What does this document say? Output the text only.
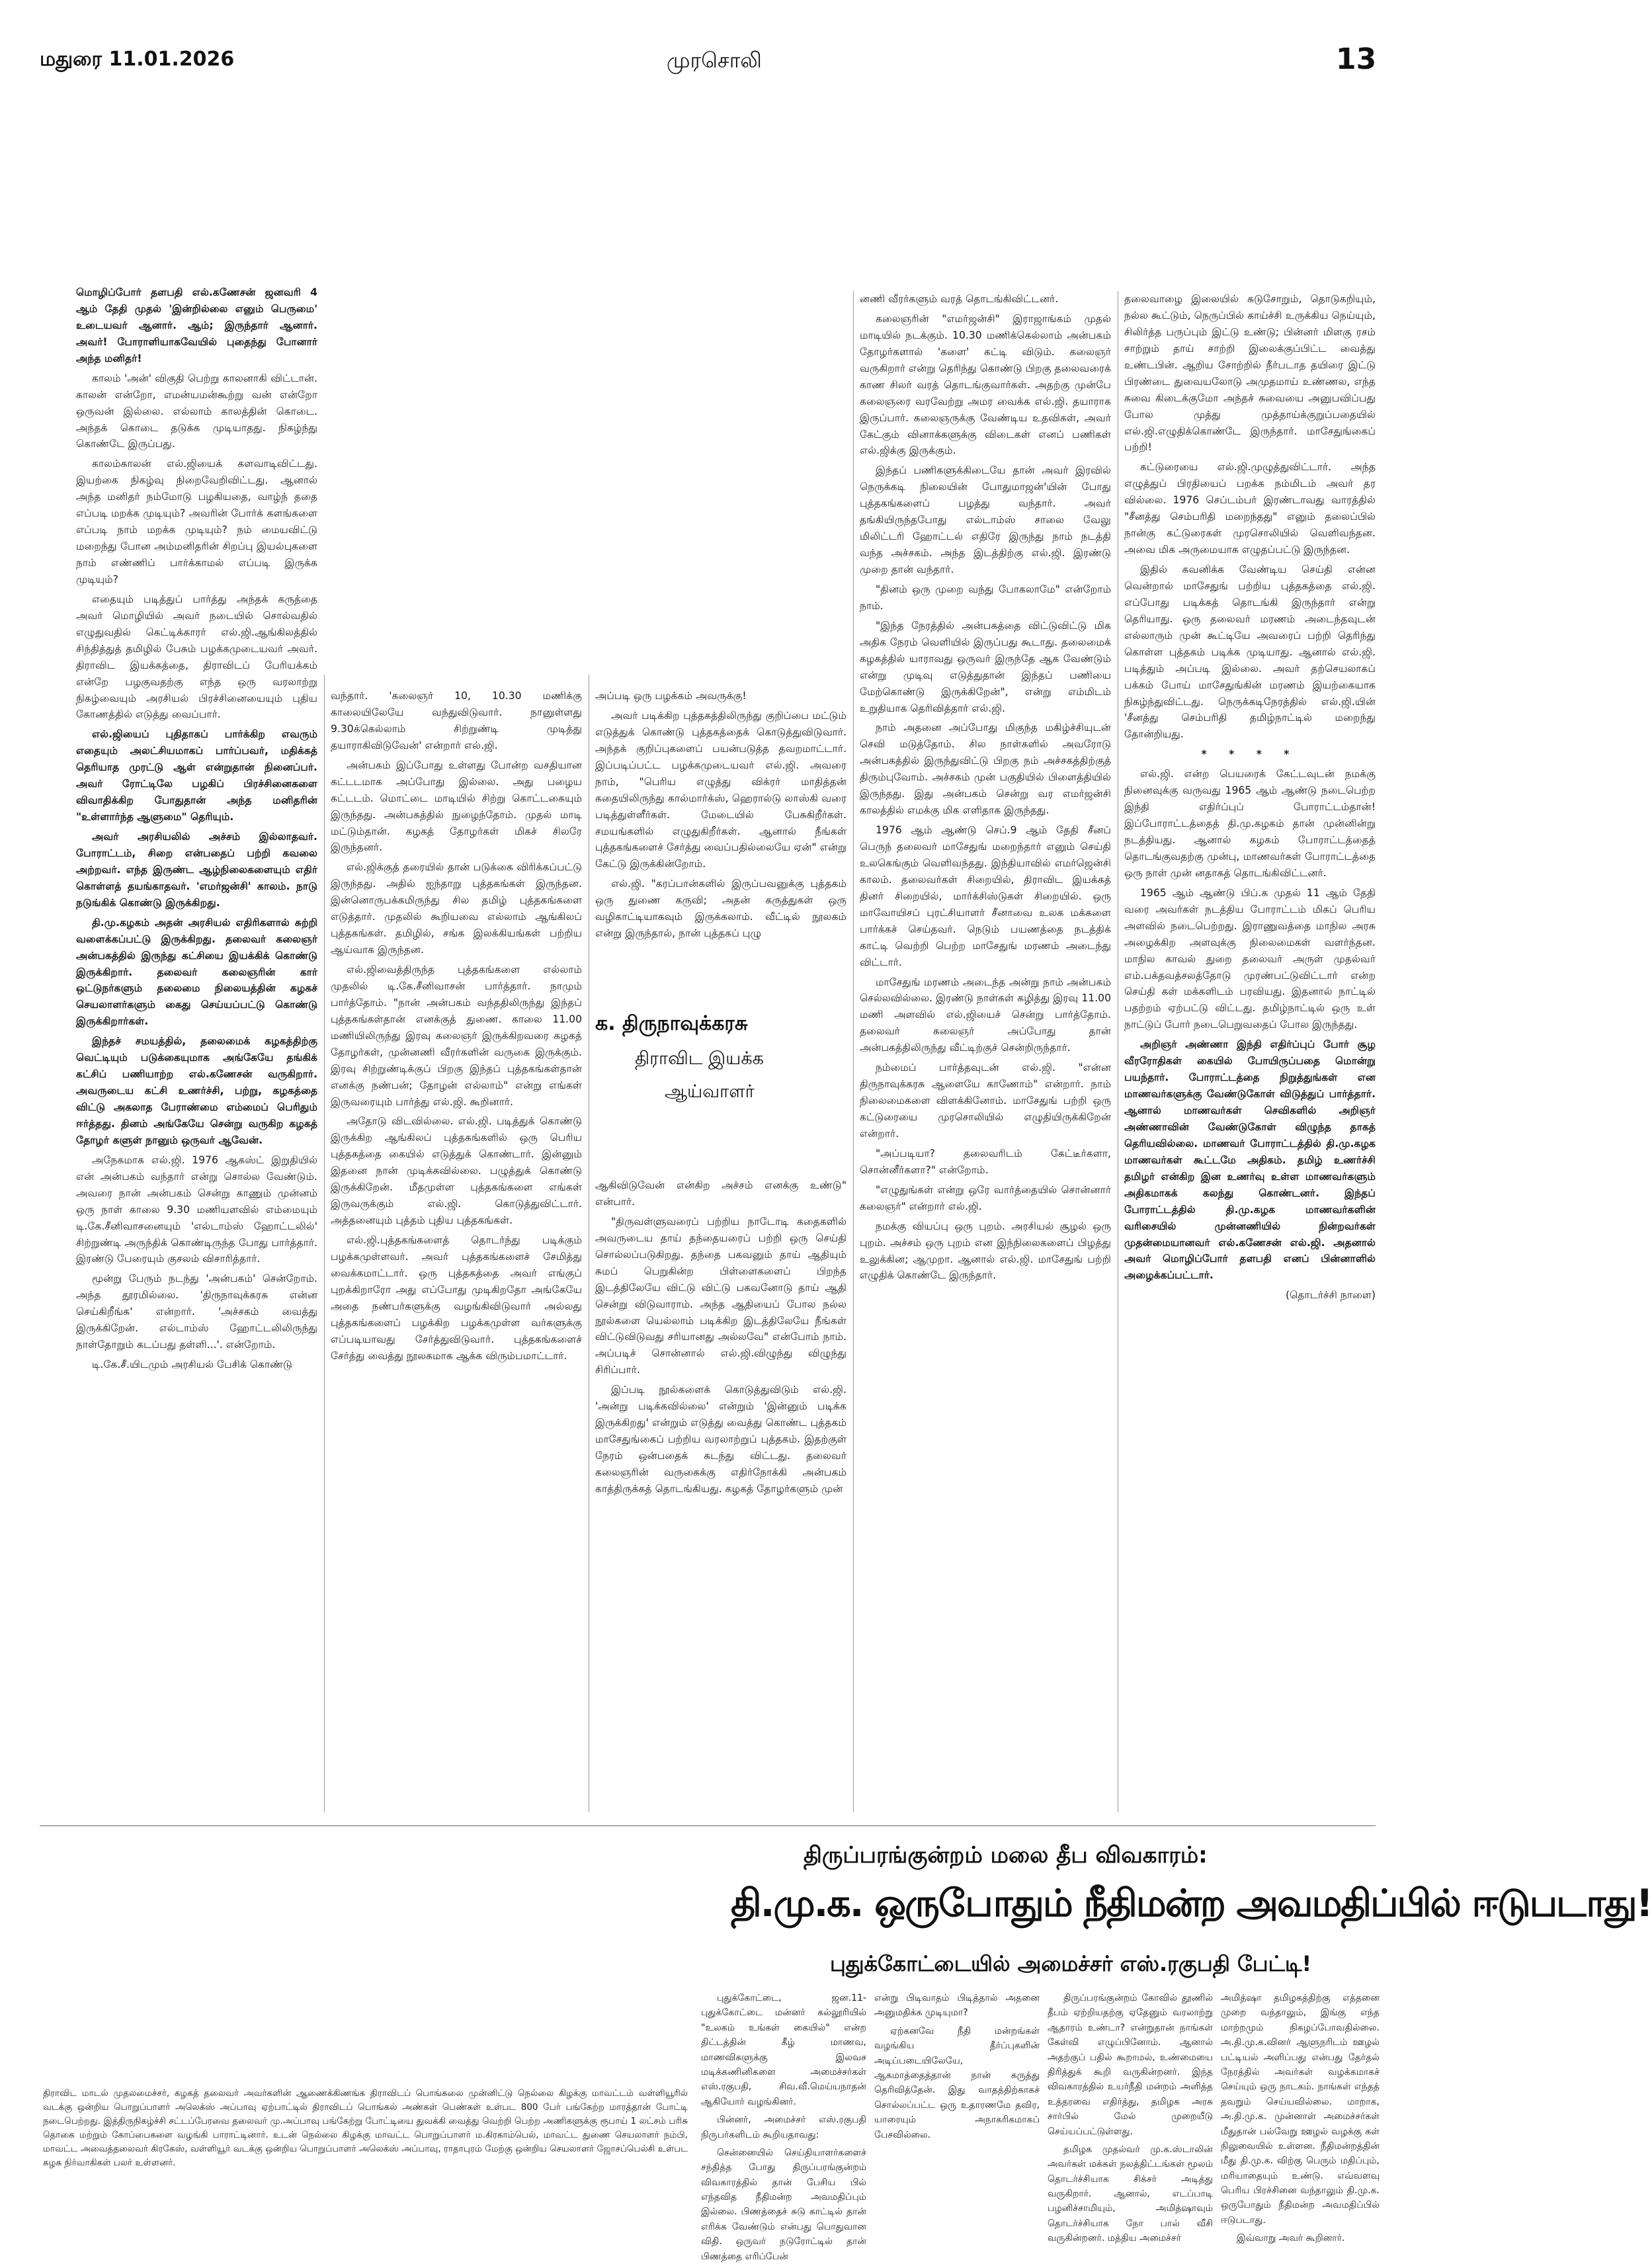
மதுரை 11.01.2026	முரசொலி	13

மொழிப்போர் தளபதி எல்.கணேசன் ஜனவரி 4 ஆம் தேதி முதல் 'இன்றில்லை எனும் பெருமை' உடையவர் ஆனார். ஆம்; இருந்தார் ஆனார். அவர்! போராளியாகவேயில் புதைந்து போனார் அந்த மனிதர்!

காலம் 'அன்' விகுதி பெற்று காலனாகி விட்டான். காலன் என்றோ, எமன்யமன்கூற்று வன் என்றோ ஒருவன் இல்லை. எல்லாம் காலத்தின் கொடை. அந்தக் கொடை தடுக்க முடியாதது. நிகழ்ந்து கொண்டே இருப்பது.

காலம்காலன் எல்.ஜியைக் களவாடிவிட்டது. இயற்கை நிகழ்வு நிறைவேறிவிட்டது. ஆனால் அந்த மனிதர் நம்மோடு பழகியதை, வாழ்ந் ததை எப்படி மறக்க முடியும்? அவரின் போர்க் களங்களை எப்படி நாம் மறக்க முடியும்? நம் மையவிட்டு மறைந்து போன அம்மனிதரின் சிறப்பு இயல்புகளை நாம் எண்ணிப் பார்க்காமல் எப்படி இருக்க முடியும்?

எதையும் படித்துப் பார்த்து அந்தக் கருத்தை அவர் மொழியில் அவர் நடையில் சொல்வதில் எழுதுவதில் கெட்டிக்காரர் எல்.ஜி.ஆங்கிலத்தில் சிந்தித்துத் தமிழில் பேசும் பழக்கமுடையவர் அவர். திராவிட இயக்கத்தை, திராவிடப் பேரியக்கம் என்றே பழகுவதற்கு எந்த ஒரு வரலாற்று நிகழ்வையும் அரசியல் பிரச்சினையையும் புதிய கோணத்தில் எடுத்து வைப்பார்.

எல்.ஜியைப் புதிதாகப் பார்க்கிற எவரும் எதையும் அலட்சியமாகப் பார்ப்பவர், மதிக்கத் தெரியாத முரட்டு ஆள் என்றுதான் நினைப்பர். அவர் ரோட்டிலே பழகிப் பிரச்சினைகளை விவாதிக்கிற போதுதான் அந்த மனிதரின் "உள்ளார்ந்த ஆளுமை" தெரியும்.

அவர் அரசியலில் அச்சம் இல்லாதவர். போராட்டம், சிறை என்பதைப் பற்றி கவலை அற்றவர். எந்த இருண்ட ஆழ்நிலைகளையும் எதிர் கொள்ளத் தயங்காதவர். 'எமர்ஜன்சி' காலம். நாடு நடுங்கிக் கொண்டு இருக்கிறது.

தி.மு.கழகம் அதன் அரசியல் எதிரிகளால் சுற்றி வளைக்கப்பட்டு இருக்கிறது. தலைவர் கலைஞர் அன்பகத்தில் இருந்து கட்சியை இயக்கிக் கொண்டு இருக்கிறார். தலைவர் கலைஞரின் கார் ஒட்டுநர்களும் தலைமை நிலையத்தின் கழகச் செயலாளர்களும் கைது செய்யப்பட்டு கொண்டு இருக்கிறார்கள்.

இந்தச் சமயத்தில், தலைமைக் கழகத்திற்கு வெட்டியும் படுக்கையுமாக அங்கேயே தங்கிக் கட்சிப் பணியாற்ற எல்.கணேசன் வருகிறார். அவருடைய கட்சி உணர்ச்சி, பற்று, கழகத்தை விட்டு அகலாத பேராண்மை எம்மைப் பெரிதும் ஈர்த்தது. தினம் அங்கேயே சென்று வருகிற கழகத் தோழர் களுள் நானும் ஒருவர் ஆவேன்.

அநேகமாக எல்.ஜி. 1976 ஆகஸ்ட் இறுதியில் என் அன்பகம் வந்தார் என்று சொல்ல வேண்டும். அவரை நான் அன்பகம் சென்று காணும் முன்னம் ஒரு நாள் காலை 9.30 மணியளவில் எம்மையும் டி.கே.சீனிவாசனையும் 'எல்டாம்ஸ் ஹோட்டலில்' சிற்றுண்டி அருந்திக் கொண்டிருந்த போது பார்த்தார். இரண்டு பேரையும் குசலம் விசாரித்தார்.

மூன்று பேரும் நடந்து 'அன்பகம்' சென்றோம். அந்த தூரமில்லை. 'திருநாவுக்கரசு என்ன செய்கிறீங்க' என்றார். 'அச்சகம் வைத்து இருக்கிறேன். எல்டாம்ஸ் ஹோட்டலிலிருந்து நாள்தோறும் கடப்பது தள்ளி...'. என்றோம்.

டி.கே.சீ.யிடமும் அரசியல் பேசிக் கொண்டு

வந்தார். 'கலைஞர் 10, 10.30 மணிக்கு காலையிலேயே வந்துவிடுவார். நானுள்ளது 9.30க்கெல்லாம் சிற்றுண்டி முடித்து தயாராகிவிடுவேன்' என்றார் எல்.ஜி.

அன்பகம் இப்போது உள்ளது போன்ற வசதியான கட்டடமாக அப்போது இல்லை. அது பழைய கட்டடம். மொட்டை மாடியில் சிற்று கொட்டகையும் இருந்தது. அன்பகத்தில் நுழைந்தோம். முதல் மாடி மட்டும்தான். கழகத் தோழர்கள் மிகச் சிலரே இருந்தனர்.

எல்.ஜிக்குத் தரையில் தான் படுக்கை விரிக்கப்பட்டு இருந்தது. அதில் ஐந்தாறு புத்தகங்கள் இருந்தன. இன்னொருபக்கமிருந்து சில தமிழ் புத்தகங்களை எடுத்தார். முதலில் கூறியவை எல்லாம் ஆங்கிலப் புத்தகங்கள். தமிழில், சங்க இலக்கியங்கள் பற்றிய ஆய்வாக இருந்தன.

எல்.ஜிவைத்திருந்த புத்தகங்களை எல்லாம் முதலில் டி.கே.சீனிவாசன் பார்த்தார். நாமும் பார்த்தோம். "நான் அன்பகம் வந்ததிலிருந்து இந்தப் புத்தகங்கள்தான் எனக்குத் துணை. காலை 11.00 மணியிலிருந்து இரவு கலைஞர் இருக்கிறவரை கழகத் தோழர்கள், முன்னணி வீரர்களின் வருகை இருக்கும். இரவு சிற்றுண்டிக்குப் பிறகு இந்தப் புத்தகங்கள்தான் எனக்கு நண்பன்; தோழன் எல்லாம்" என்று எங்கள் இருவரையும் பார்த்து எல்.ஜி. கூறினார்.

அதோடு விடவில்லை. எல்.ஜி. படித்துக் கொண்டு இருக்கிற ஆங்கிலப் புத்தகங்களில் ஒரு பெரிய புத்தகத்தை கையில் எடுத்துக் கொண்டார். இன்னும் இதனை நான் முடிக்கவில்லை. பழுத்துக் கொண்டு இருக்கிறேன். மீதமுள்ள புத்தகங்களை எங்கள் இருவருக்கும் எல்.ஜி. கொடுத்துவிட்டார். அத்தனையும் புத்தம் புதிய புத்தகங்கள்.

எல்.ஜி.புத்தகங்களைத் தொடர்ந்து படிக்கும் பழக்கமுள்ளவர். அவர் புத்தகங்களைச் சேமித்து வைக்கமாட்டார். ஒரு புத்தகத்தை அவர் எங்குப் புறக்கிறாரோ அது எப்போது முடிகிறதோ அங்கேயே அதை நண்பர்களுக்கு வழங்கிவிடுவார் அல்லது புத்தகங்களைப் பழக்கிற பழக்கமுள்ள வர்களுக்கு எப்படியாவது சேர்த்துவிடுவார். புத்தகங்களைச் சேர்த்து வைத்து நூலகமாக ஆக்க விரும்பமாட்டார்.

அப்படி ஒரு பழக்கம் அவருக்கு!

அவர் படிக்கிற புத்தகத்திலிருந்து குறிப்பை மட்டும் எடுத்துக் கொண்டு புத்தகத்தைக் கொடுத்துவிடுவார். அந்தக் குறிப்புகளைப் பயன்படுத்த தவறமாட்டார். இப்படிப்பட்ட பழக்கமுடையவர் எல்.ஜி. அவரை நாம், "பெரிய எழுத்து விக்ரர் மாதித்தன் கதையிலிருந்து கால்மார்க்ஸ், ஹெரால்டு லாஸ்கி வரை படித்துள்ளீர்கள். மேடையில் பேசுகிறீர்கள். சமயங்களில் எழுதுகிறீர்கள். ஆனால் நீங்கள் புத்தகங்களைச் சேர்த்து வைப்பதில்லையே ஏன்" என்று கேட்டு இருக்கின்றோம்.

எல்.ஜி. "கரப்பான்களில் இருப்பவனுக்கு புத்தகம் ஒரு துணை கருவி; அதன் கருத்துகள் ஒரு வழிகாட்டியாகவும் இருக்கலாம். வீட்டில் நூலகம் என்று இருந்தால், நான் புத்தகப் புழு

க. திருநாவுக்கரசு
திராவிட இயக்க
ஆய்வாளர்

ஆகிவிடுவேன் என்கிற அச்சம் எனக்கு உண்டு" என்பார்.

"திருவள்ளுவரைப் பற்றிய நாடோடி கதைகளில் அவருடைய தாய் தந்தையரைப் பற்றி ஒரு செய்தி சொல்லப்படுகிறது. தந்தை பகவனும் தாய் ஆதியும் சுமப் பெறுகின்ற பிள்ளைகளைப் பிறந்த இடத்திலேயே விட்டு விட்டு பகவனோடு தாய் ஆதி சென்று விடுவாராம். அந்த ஆதியைப் போல நல்ல நூல்களை யெல்லாம் படிக்கிற இடத்திலேயே நீங்கள் விட்டுவிடுவது சரியானது அல்லவே" என்போம் நாம். அப்படிச் சொன்னால் எல்.ஜி.விழுந்து விழுந்து சிரிப்பார்.

இப்படி நூல்களைக் கொடுத்துவிடும் எல்.ஜி. 'அன்று படிக்கவில்லை' என்றும் 'இன்னும் படிக்க இருக்கிறது' என்றும் எடுத்து வைத்து கொண்ட புத்தகம் மாசேதுங்கைப் பற்றிய வரலாற்றுப் புத்தகம். இதற்குள் நேரம் ஒன்பதைக் கடந்து விட்டது. தலைவர் கலைஞரின் வருகைக்கு எதிர்நோக்கி அன்பகம் காத்திருக்கத் தொடங்கியது. கழகத் தோழர்களும் முன்

னணி வீரர்களும் வரத் தொடங்கிவிட்டனர்.

கலைஞரின் "எமர்ஜன்சி" இராஜாங்கம் முதல் மாடியில் நடக்கும். 10.30 மணிக்கெல்லாம் அன்பகம் தோழர்களால் 'களை' கட்டி விடும். கலைஞர் வருகிறார் என்று தெரிந்து கொண்டு பிறகு தலைவரைக் காண சிலர் வரத் தொடங்குவார்கள். அதற்கு முன்பே கலைஞரை வரவேற்று அமர வைக்க எல்.ஜி. தயாராக இருப்பார். கலைஞருக்கு வேண்டிய உதவிகள், அவர் கேட்கும் வினாக்களுக்கு விடைகள் எனப் பணிகள் எல்.ஜிக்கு இருக்கும்.

இந்தப் பணிகளுக்கிடையே தான் அவர் இரவில் நெருக்கடி நிலையின் போதுமாஜன்'யின் போது புத்தகங்களைப் பழத்து வந்தார். அவர் தங்கியிருந்தபோது எல்டாம்ஸ் சாலை வேலு மிலிட்டரி ஹோட்டல் எதிரே இருந்து நாம் நடத்தி வந்த அச்சகம். அந்த இடத்திற்கு எல்.ஜி. இரண்டு முறை தான் வந்தார்.

"தினம் ஒரு முறை வந்து போகலாமே" என்றோம் நாம்.

"இந்த நேரத்தில் அன்பகத்தை விட்டுவிட்டு மிக அதிக நேரம் வெளியில் இருப்பது கூடாது. தலைமைக் கழகத்தில் யாராவது ஒருவர் இருந்தே ஆக வேண்டும் என்று முடிவு எடுத்துதான் இந்தப் பணியை மேற்கொண்டு இருக்கிறேன்", என்று எம்மிடம் உறுதியாக தெரிவித்தார் எல்.ஜி.

நாம் அதனை அப்போது மிகுந்த மகிழ்ச்சியுடன் செவி மடுத்தோம். சில நாள்களில் அவரோடு அன்பகத்தில் இருந்துவிட்டு பிறகு நம் அச்சகத்திற்குத் திரும்புவோம். அச்சகம் முன் பகுதியில் பிளைத்தியில் இருந்தது. இது அன்பகம் சென்று வர எமர்ஜன்சி காலத்தில் எமக்கு மிக எளிதாக இருந்தது.

1976 ஆம் ஆண்டு செப்.9 ஆம் தேதி சீனப் பெருந் தலைவர் மாசேதுங் மறைந்தார் எனும் செய்தி உலகெங்கும் வெளிவந்தது. இந்தியாவில் எமர்ஜென்சி காலம். தலைவர்கள் சிறையில், திராவிட இயக்கத் தினர் சிறையில், மார்க்சிஸ்டுகள் சிறையில். ஒரு மாவோயிசப் புரட்சியாளர் சீனாவை உலக மக்களை பார்க்கச் செய்தவர். நெடும் பயணத்தை நடத்திக் காட்டி வெற்றி பெற்ற மாசேதுங் மரணம் அடைந்து விட்டார்.

மாசேதுங் மரணம் அடைந்த அன்று நாம் அன்பகம் செல்லவில்லை. இரண்டு நாள்கள் கழித்து இரவு 11.00 மணி அளவில் எல்.ஜியைச் சென்று பார்த்தோம். தலைவர் கலைஞர் அப்போது தான் அன்பகத்திலிருந்து வீட்டிற்குச் சென்றிருந்தார்.

நம்மைப் பார்த்தவுடன் எல்.ஜி. "என்ன திருநாவுக்கரசு ஆளையே காணோம்" என்றார். நாம் நிலைமைகளை விளக்கினோம். மாசேதுங் பற்றி ஒரு கட்டுரையை முரசொலியில் எழுதியிருக்கிறேன் என்றார்.

"அப்படியா? தலைவரிடம் கேட்டீர்களா, சொன்னீர்களா?" என்றோம்.

"எழுதுங்கள் என்று ஒரே வார்த்தையில் சொன்னார் கலைஞர்" என்றார் எல்.ஜி.

நமக்கு வியப்பு ஒரு புறம். அரசியல் சூழல் ஒரு புறம். அச்சம் ஒரு புறம் என இந்நிலைகளைப் பிழத்து உலுக்கின; ஆமுறா. ஆனால் எல்.ஜி. மாசேதுங் பற்றி எழுதிக் கொண்டே இருந்தார்.

தலைவாழை இலையில் சுடுசோறும், தொடுகறியும், நல்ல கூட்டும், நெருப்பில் காய்ச்சி உருக்கிய நெய்யும், சிலிர்த்த பருப்பும் இட்டு உண்டு; பின்னர் மிளகு ரசம் சாற்றும் தாய் சாற்றி இலைக்குப்பிட்ட வைத்து உண்டபின். ஆறிய சோற்றில் நீர்படாத தயிரை இட்டு பிரண்டை துவையலோடு அமுதமாய் உண்ணல, எந்த சுவை கிடைக்குமோ அந்தச் சுவையை அனுபவிப்பது போல முத்து முத்தாய்க்குறுப்பதையில் எல்.ஜி.எழுதிக்கொண்டே இருந்தார். மாசேதுங்கைப் பற்றி!

கட்டுரையை எல்.ஜி.முழுத்துவிட்டார். அந்த எழுத்துப் பிரதியைப் பறக்க நம்மிடம் அவர் தர வில்லை. 1976 செப்டம்பர் இரண்டாவது வாரத்தில் "சீனத்து செம்பரிதி மறைந்தது" எனும் தலைப்பில் நான்கு கட்டுரைகள் முரசொலியில் வெளிவந்தன. அவை மிக அருமையாக எழுதப்பட்டு இருந்தன.

இதில் கவனிக்க வேண்டிய செய்தி என்ன வென்றால் மாசேதுங் பற்றிய புத்தகத்தை எல்.ஜி. எப்போது படிக்கத் தொடங்கி இருந்தார் என்று தெரியாது. ஒரு தலைவர் மரணம் அடைந்தவுடன் எல்லாரும் முன் கூட்டியே அவரைப் பற்றி தெரிந்து கொள்ள புத்தகம் படிக்க முடியாது. ஆனால் எல்.ஜி. படித்தும் அப்படி இல்லை. அவர் தற்செயலாகப் பக்கம் போய் மாசேதுங்கின் மரணம் இயற்கையாக நிகழ்ந்துவிட்டது. நெருக்கடிநேரத்தில் எல்.ஜி.யின் 'சீனத்து செம்பரிதி தமிழ்நாட்டில் மறைந்து தோன்றியது.

* * * *

எல்.ஜி. என்ற பெயரைக் கேட்டவுடன் நமக்கு நினைவுக்கு வருவது 1965 ஆம் ஆண்டு நடைபெற்ற இந்தி எதிர்ப்புப் போராட்டம்தான்! இப்போராட்டத்தைத் தி.மு.கழகம் தான் முன்னின்று நடத்தியது. ஆனால் கழகம் போராட்டத்தைத் தொடங்குவதற்கு முன்பு, மாணவர்கள் போராட்டத்தை ஒரு நாள் முன் னதாகத் தொடங்கிவிட்டனர்.

1965 ஆம் ஆண்டு பிப்.க முதல் 11 ஆம் தேதி வரை அவர்கள் நடத்திய போராட்டம் மிகப் பெரிய அளவில் நடைபெற்றது. இராணுவத்தை மாநில அரசு அழைக்கிற அளவுக்கு நிலைமைகள் வளர்ந்தன. மாநில காவல் துறை தலைவர் அருள் முதல்வர் எம்.பக்தவத்சலத்தோடு முரண்பட்டுவிட்டார் என்ற செய்தி கள் மக்களிடம் பரவியது. இதனால் நாட்டில் பதற்றம் ஏற்பட்டு விட்டது. தமிழ்நாட்டில் ஒரு உள் நாட்டுப் போர் நடைபெறுவதைப் போல இருந்தது.

அறிஞர் அண்ணா இந்தி எதிர்ப்புப் போர் சூழ வீரரோதிகள் கையில் போயிருப்பதை மொன்று பயந்தார். போராட்டத்தை நிறுத்துங்கள் என மாணவர்களுக்கு வேண்டுகோள் விடுத்துப் பார்த்தார். ஆனால் மாணவர்கள் செவிகளில் அறிஞர் அண்ணாவின் வேண்டுகோள் விழுந்த தாகத் தெரியவில்லை. மாணவர் போராட்டத்தில் தி.மு.கழக மாணவர்கள் கூட்டமே அதிகம். தமிழ் உணர்ச்சி தமிழர் என்கிற இன உணர்வு உள்ள மாணவர்களும் அதிகமாகக் கலந்து கொண்டனர். இந்தப் போராட்டத்தில் தி.மு.கழக மாணவர்களின் வரிசையில் முன்னணியில் நின்றவர்கள் முதன்மையானவர் எல்.கணேசன் எல்.ஜி. அதனால் அவர் மொழிப்போர் தளபதி எனப் பின்னாளில் அழைக்கப்பட்டார்.

(தொடர்ச்சி நாளை)

திருப்பரங்குன்றம் மலை தீப விவகாரம்:
தி.மு.க. ஒருபோதும் நீதிமன்ற அவமதிப்பில் ஈடுபடாது!
புதுக்கோட்டையில் அமைச்சர் எஸ்.ரகுபதி பேட்டி!

புதுக்கோட்டை, ஜன.11- புதுக்கோட்டை மன்னர் கல்லூரியில் "உலகம் உங்கள் கையில்" என்ற திட்டத்தின் கீழ் மாணவ, மாணவிகளுக்கு இலவச மடிக்கணினிகளை அமைச்சர்கள் எஸ்.ரகுபதி, சிவ.வீ.மெய்யநாதன் ஆகியோர் வழங்கினர்.

பின்னர், அமைச்சர் எஸ்.ரகுபதி நிருபர்களிடம் கூறியதாவது:

சென்னையில் செய்தியாளர்களைச் சந்தித்த போது திருப்பரங்குன்றம் விவகாரத்தில் தான் பேசிய பில் எந்தவித நீதிமன்ற அவமதிப்பும் இல்லை. பிணத்தைச் சுடு காட்டில் தான் எரிக்க வேண்டும் என்பது பொதுவான விதி. ஒருவர் நடுரோட்டில் தான் பிணத்தை எரிப்பேன்

என்று பிடிவாதம் பிடித்தால் அதனை அனுமதிக்க முடியுமா?

ஏற்கனவே நீதி மன்றங்கள் வழங்கிய தீர்ப்புகளின் அடிப்படையிலேயே, ஆகமாத்தைத்தான் நான் கருத்து தெரிவித்தேன். இது வாதத்திற்காகச் சொல்லப்பட்ட ஒரு உதாரணமே தவிர, யாரையும் அநாகரிகமாகப் பேசவில்லை.

திருப்பரங்குன்றம் கோவில் தூணில் தீபம் ஏற்றியதற்கு ஏதேனும் வரலாற்று ஆதாரம் உண்டா? என்றுதான் நாங்கள் கேள்வி எழுப்பினோம். ஆனால் அதற்குப் பதில் கூறாமல், உண்மையை திரித்துக் கூறி வருகின்றனர். இந்த விவகாரத்தில் உயர்நீதி மன்றம் அளித்த உத்தரவை எதிர்த்து, தமிழக அரசு சார்பில் மேல் முறையீடு செய்யப்பட்டுள்ளது.

தமிழக முதல்வர் மு.க.ஸ்டாலின் அவர்கள் மக்கள் நலத்திட்டங்கள் மூலம் தொடர்ச்சியாக சிக்சர் அடித்து வருகிறார். ஆனால், எடப்பாடி பழனிச்சாமியும், அமித்ஷாவும் தொடர்ச்சியாக நோ பால் வீசி வருகின்றனர். மத்திய அமைச்சர்

அமித்ஷா தமிழகத்திற்கு எத்தனை முறை வந்தாலும், இங்கு எந்த மாற்றமும் நிகழப்போவதில்லை. அ.தி.மு.க.வினர் ஆளுநரிடம் ஊழல் பட்டியல் அளிப்பது என்பது தேர்தல் நேரத்தில் அவர்கள் வழக்கமாகச் செய்யும் ஒரு நாடகம். நாங்கள் எந்தத் தவறும் செய்யவில்லை. மாறாக, அ.தி.மு.க. முன்னாள் அமைச்சர்கள் மீதுதான் பல்வேறு ஊழல் வழக்கு கள் நிலுவையில் உள்ளன. நீதிமன்றத்தின் மீது தி.மு.க. விற்கு பெரும் மதிப்பும், மரியாதையும் உண்டு. எவ்வளவு பெரிய பிரச்சினை வந்தாலும் தி.மு.க. ஒருபோதும் நீதிமன்ற அவமதிப்பில் ஈடுபடாது.

இவ்வாறு அவர் கூறினார்.

திராவிட மாடல் முதலமைச்சர், கழகத் தலைவர் அவர்களின் ஆணைக்கிணங்க திராவிடப் பொங்கலை முன்னிட்டு நெல்லை கிழக்கு மாவட்டம் வள்ளியூரில் வடக்கு ஒன்றிய பொறுப்பாளர் அலெக்ஸ் அப்பாவு ஏற்பாட்டில் திராவிடப் பொங்கல் அண்கள் பெண்கள் உள்பட 800 பேர் பங்கேற்ற மாரத்தான் போட்டி நடைபெற்றது. இத்திருநிகழ்ச்சி சட்டப்பேரவை தலைவர் மு.அப்பாவு பங்கேற்று போட்டியை துவக்கி வைத்து வெற்றி பெற்ற அணிகளுக்கு ரூபாய் 1 லட்சம் பரிசு தொகை மற்றும் கோப்பைகளை வழங்கி பாராட்டினார். உடன் நெல்லை கிழக்கு மாவட்ட பொறுப்பாளர் ம.கிரகாம்பெல், மாவட்ட துணை செயலாளர் நம்பி, மாவட்ட அவைத்தலைவர் கிரகேஸ், வள்ளியூர் வடக்கு ஒன்றிய பொறுப்பாளர் அலெக்ஸ் அப்பாவு, ராதாபுரம் மேற்கு ஒன்றிய செயலாளர் ஜோசப்பெல்சி உள்பட கழக நிர்வாகிகள் பலர் உள்ளனர்.
